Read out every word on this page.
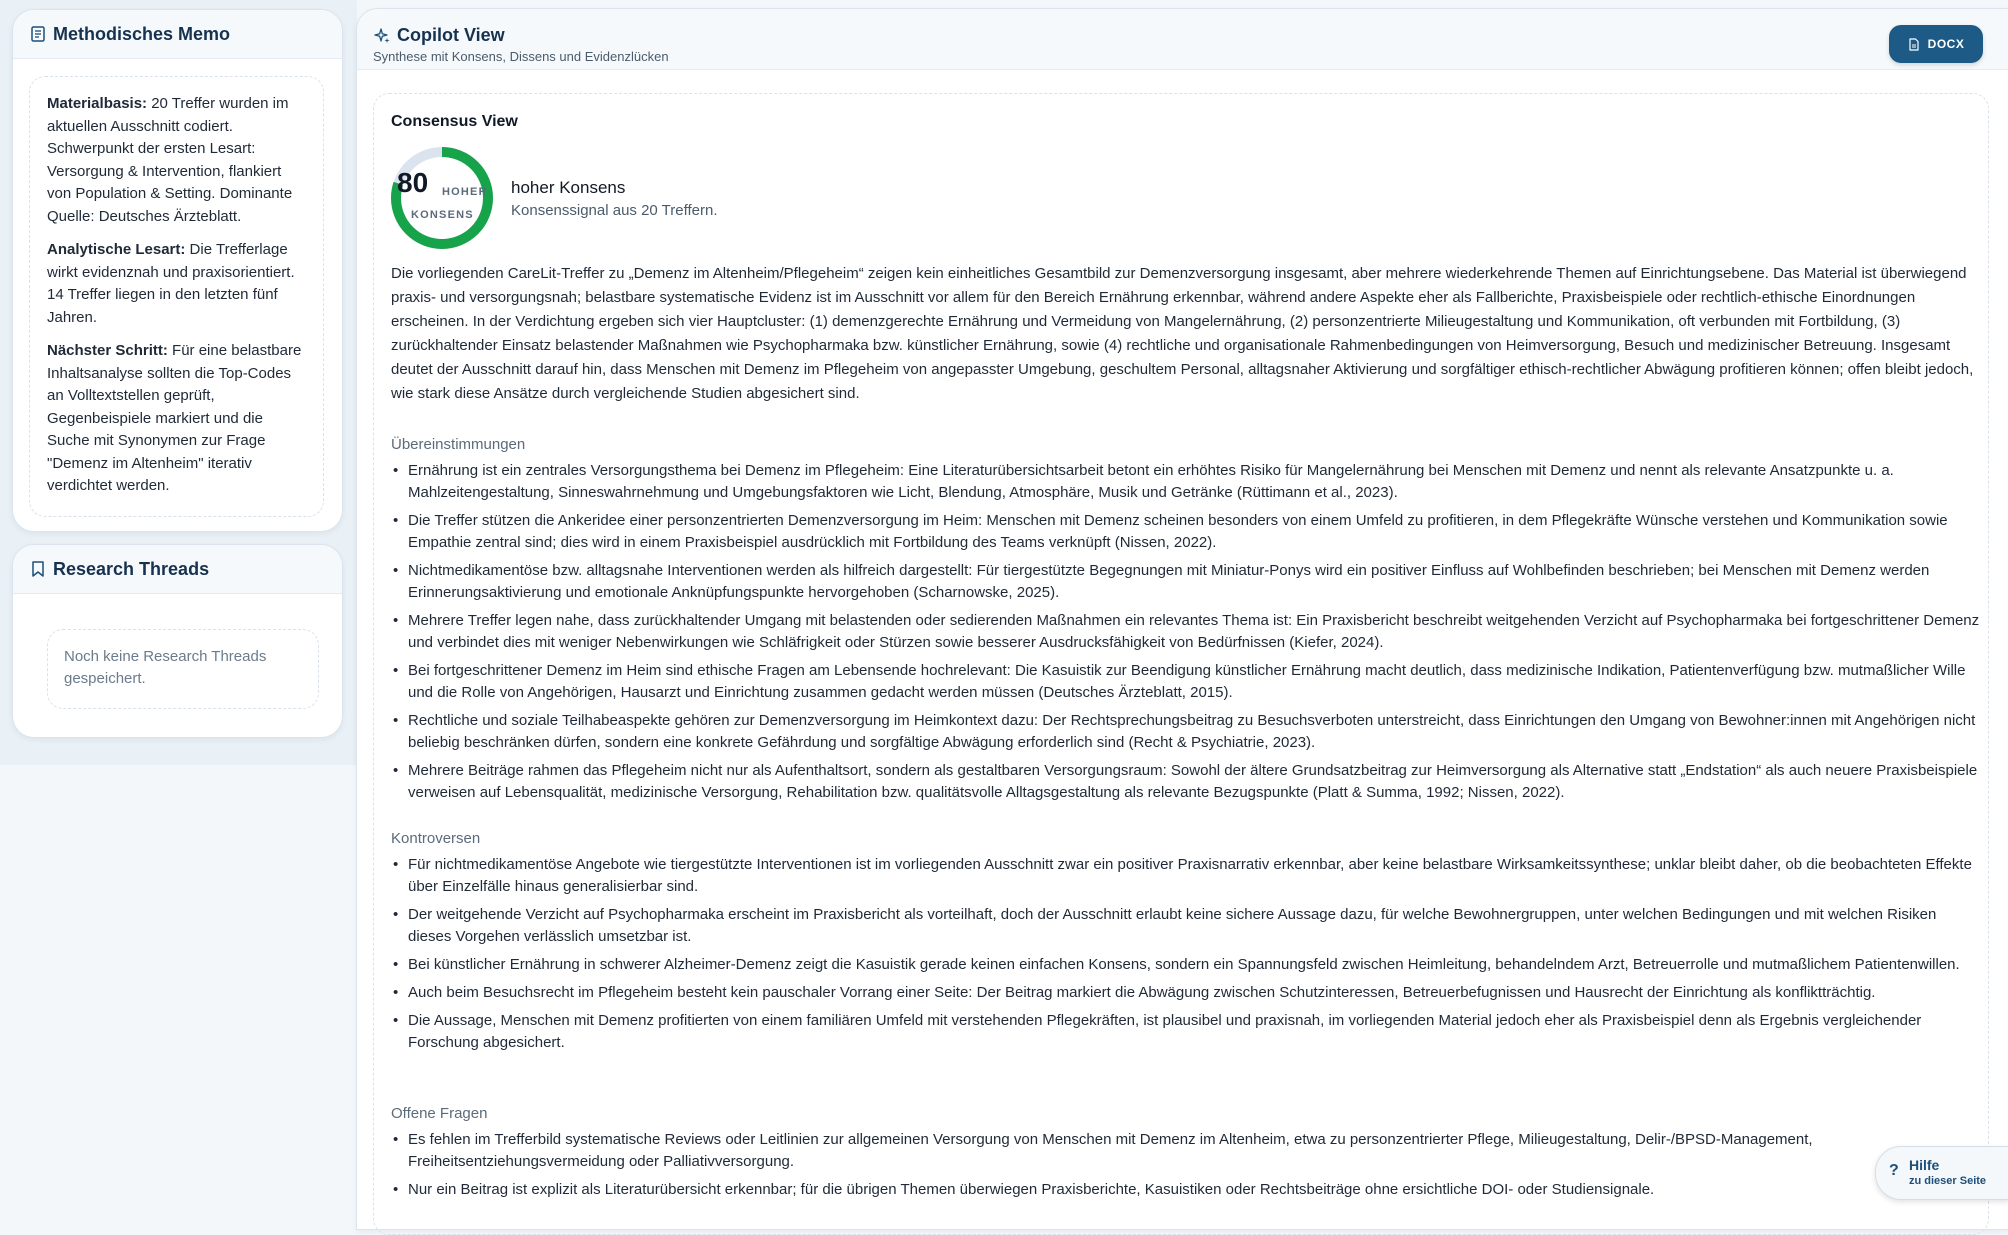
Methodisches Memo

Materialbasis: 20 Treffer wurden im aktuellen Ausschnitt codiert. Schwerpunkt der ersten Lesart: Versorgung & Intervention, flankiert von Population & Setting. Dominante Quelle: Deutsches Ärzteblatt.

Analytische Lesart: Die Trefferlage wirkt evidenznah und praxisorientiert. 14 Treffer liegen in den letzten fünf Jahren.

Nächster Schritt: Für eine belastbare Inhaltsanalyse sollten die Top-Codes an Volltextstellen geprüft, Gegenbeispiele markiert und die Suche mit Synonymen zur Frage "Demenz im Altenheim" iterativ verdichtet werden.

Research Threads
Noch keine Research Threads gespeichert.
Copilot View
Synthese mit Konsens, Dissens und Evidenzlücken
DOCX
Consensus View
80 HOHER
KONSENS
hoher Konsens
Konsenssignal aus 20 Treffern.
Die vorliegenden CareLit-Treffer zu „Demenz im Altenheim/Pflegeheim“ zeigen kein einheitliches Gesamtbild zur Demenzversorgung insgesamt, aber mehrere wiederkehrende Themen auf Einrichtungsebene. Das Material ist überwiegend praxis- und versorgungsnah; belastbare systematische Evidenz ist im Ausschnitt vor allem für den Bereich Ernährung erkennbar, während andere Aspekte eher als Fallberichte, Praxisbeispiele oder rechtlich-ethische Einordnungen erscheinen. In der Verdichtung ergeben sich vier Hauptcluster: (1) demenzgerechte Ernährung und Vermeidung von Mangelernährung, (2) personzentrierte Milieugestaltung und Kommunikation, oft verbunden mit Fortbildung, (3) zurückhaltender Einsatz belastender Maßnahmen wie Psychopharmaka bzw. künstlicher Ernährung, sowie (4) rechtliche und organisationale Rahmenbedingungen von Heimversorgung, Besuch und medizinischer Betreuung. Insgesamt deutet der Ausschnitt darauf hin, dass Menschen mit Demenz im Pflegeheim von angepasster Umgebung, geschultem Personal, alltagsnaher Aktivierung und sorgfältiger ethisch-rechtlicher Abwägung profitieren können; offen bleibt jedoch, wie stark diese Ansätze durch vergleichende Studien abgesichert sind.
Übereinstimmungen
• Ernährung ist ein zentrales Versorgungsthema bei Demenz im Pflegeheim: Eine Literaturübersichtsarbeit betont ein erhöhtes Risiko für Mangelernährung bei Menschen mit Demenz und nennt als relevante Ansatzpunkte u. a. Mahlzeitengestaltung, Sinneswahrnehmung und Umgebungsfaktoren wie Licht, Blendung, Atmosphäre, Musik und Getränke (Rüttimann et al., 2023).
• Die Treffer stützen die Ankeridee einer personzentrierten Demenzversorgung im Heim: Menschen mit Demenz scheinen besonders von einem Umfeld zu profitieren, in dem Pflegekräfte Wünsche verstehen und Kommunikation sowie Empathie zentral sind; dies wird in einem Praxisbeispiel ausdrücklich mit Fortbildung des Teams verknüpft (Nissen, 2022).
• Nichtmedikamentöse bzw. alltagsnahe Interventionen werden als hilfreich dargestellt: Für tiergestützte Begegnungen mit Miniatur-Ponys wird ein positiver Einfluss auf Wohlbefinden beschrieben; bei Menschen mit Demenz werden Erinnerungsaktivierung und emotionale Anknüpfungspunkte hervorgehoben (Scharnowske, 2025).
• Mehrere Treffer legen nahe, dass zurückhaltender Umgang mit belastenden oder sedierenden Maßnahmen ein relevantes Thema ist: Ein Praxisbericht beschreibt weitgehenden Verzicht auf Psychopharmaka bei fortgeschrittener Demenz und verbindet dies mit weniger Nebenwirkungen wie Schläfrigkeit oder Stürzen sowie besserer Ausdrucksfähigkeit von Bedürfnissen (Kiefer, 2024).
• Bei fortgeschrittener Demenz im Heim sind ethische Fragen am Lebensende hochrelevant: Die Kasuistik zur Beendigung künstlicher Ernährung macht deutlich, dass medizinische Indikation, Patientenverfügung bzw. mutmaßlicher Wille und die Rolle von Angehörigen, Hausarzt und Einrichtung zusammen gedacht werden müssen (Deutsches Ärzteblatt, 2015).
• Rechtliche und soziale Teilhabeaspekte gehören zur Demenzversorgung im Heimkontext dazu: Der Rechtsprechungsbeitrag zu Besuchsverboten unterstreicht, dass Einrichtungen den Umgang von Bewohner:innen mit Angehörigen nicht beliebig beschränken dürfen, sondern eine konkrete Gefährdung und sorgfältige Abwägung erforderlich sind (Recht & Psychiatrie, 2023).
• Mehrere Beiträge rahmen das Pflegeheim nicht nur als Aufenthaltsort, sondern als gestaltbaren Versorgungsraum: Sowohl der ältere Grundsatzbeitrag zur Heimversorgung als Alternative statt „Endstation“ als auch neuere Praxisbeispiele verweisen auf Lebensqualität, medizinische Versorgung, Rehabilitation bzw. qualitätsvolle Alltagsgestaltung als relevante Bezugspunkte (Platt & Summa, 1992; Nissen, 2022).
Kontroversen
• Für nichtmedikamentöse Angebote wie tiergestützte Interventionen ist im vorliegenden Ausschnitt zwar ein positiver Praxisnarrativ erkennbar, aber keine belastbare Wirksamkeitssynthese; unklar bleibt daher, ob die beobachteten Effekte über Einzelfälle hinaus generalisierbar sind.
• Der weitgehende Verzicht auf Psychopharmaka erscheint im Praxisbericht als vorteilhaft, doch der Ausschnitt erlaubt keine sichere Aussage dazu, für welche Bewohnergruppen, unter welchen Bedingungen und mit welchen Risiken dieses Vorgehen verlässlich umsetzbar ist.
• Bei künstlicher Ernährung in schwerer Alzheimer-Demenz zeigt die Kasuistik gerade keinen einfachen Konsens, sondern ein Spannungsfeld zwischen Heimleitung, behandelndem Arzt, Betreuerrolle und mutmaßlichem Patientenwillen.
• Auch beim Besuchsrecht im Pflegeheim besteht kein pauschaler Vorrang einer Seite: Der Beitrag markiert die Abwägung zwischen Schutzinteressen, Betreuerbefugnissen und Hausrecht der Einrichtung als konfliktträchtig.
• Die Aussage, Menschen mit Demenz profitierten von einem familiären Umfeld mit verstehenden Pflegekräften, ist plausibel und praxisnah, im vorliegenden Material jedoch eher als Praxisbeispiel denn als Ergebnis vergleichender Forschung abgesichert.
Offene Fragen
• Es fehlen im Trefferbild systematische Reviews oder Leitlinien zur allgemeinen Versorgung von Menschen mit Demenz im Altenheim, etwa zu personzentrierter Pflege, Milieugestaltung, Delir-/BPSD-Management, Freiheitsentziehungsvermeidung oder Palliativversorgung.
• Nur ein Beitrag ist explizit als Literaturübersicht erkennbar; für die übrigen Themen überwiegen Praxisberichte, Kasuistiken oder Rechtsbeiträge ohne ersichtliche DOI- oder Studiensignale.
? Hilfe
zu dieser Seite
